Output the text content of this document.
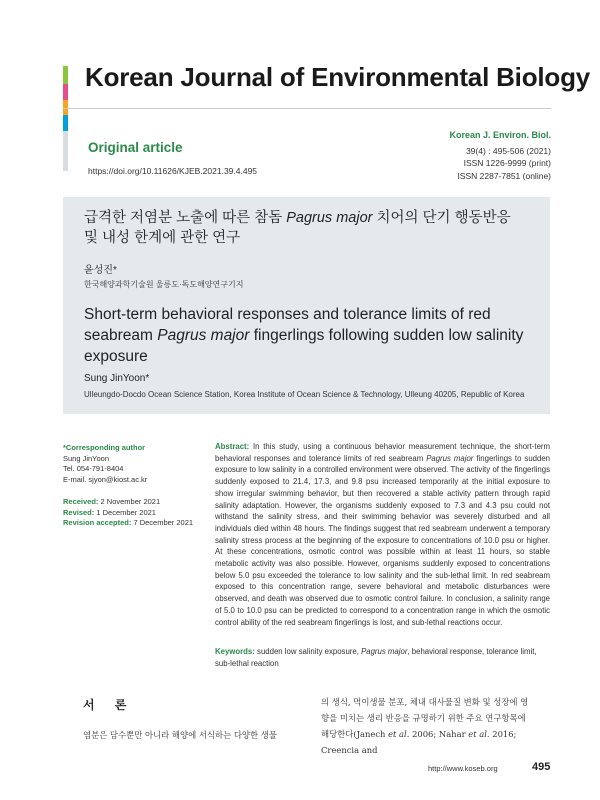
Korean Journal of Environmental Biology
Original article
https://doi.org/10.11626/KJEB.2021.39.4.495
Korean J. Environ. Biol.
39(4) : 495-506 (2021)
ISSN 1226-9999 (print)
ISSN 2287-7851 (online)
급격한 저염분 노출에 따른 참돔 Pagrus major 치어의 단기 행동반응 및 내성 한계에 관한 연구
윤성진*
한국해양과학기술원 울릉도·독도해양연구기지
Short-term behavioral responses and tolerance limits of red seabream Pagrus major fingerlings following sudden low salinity exposure
Sung JinYoon*
Ulleungdo-Docdo Ocean Science Station, Korea Institute of Ocean Science & Technology, Ulleung 40205, Republic of Korea
*Corresponding author
Sung JinYoon
Tel. 054-791-8404
E-mail. sjyon@kiost.ac.kr
Received: 2 November 2021
Revised: 1 December 2021
Revision accepted: 7 December 2021
Abstract: In this study, using a continuous behavior measurement technique, the short-term behavioral responses and tolerance limits of red seabream Pagrus major fingerlings to sudden exposure to low salinity in a controlled environment were observed. The activity of the fingerlings suddenly exposed to 21.4, 17.3, and 9.8 psu increased temporarily at the initial exposure to show irregular swimming behavior, but then recovered a stable activity pattern through rapid salinity adaptation. However, the organisms suddenly exposed to 7.3 and 4.3 psu could not withstand the salinity stress, and their swimming behavior was severely disturbed and all individuals died within 48 hours. The findings suggest that red seabream underwent a temporary salinity stress process at the beginning of the exposure to concentrations of 10.0 psu or higher. At these concentrations, osmotic control was possible within at least 11 hours, so stable metabolic activity was also possible. However, organisms suddenly exposed to concentrations below 5.0 psu exceeded the tolerance to low salinity and the sub-lethal limit. In red seabream exposed to this concentration range, severe behavioral and metabolic disturbances were observed, and death was observed due to osmotic control failure. In conclusion, a salinity range of 5.0 to 10.0 psu can be predicted to correspond to a concentration range in which the osmotic control ability of the red seabream fingerlings is lost, and sub-lethal reactions occur.
Keywords: sudden low salinity exposure, Pagrus major, behavioral response, tolerance limit, sub-lethal reaction
서 론
염분은 담수뿐만 아니라 해양에 서식하는 다양한 생물
의 생식, 먹이생물 분포, 체내 대사물질 변화 및 성장에 영
향을 미치는 생리 반응을 규명하기 위한 주요 연구항목에
해당한다(Janech et al. 2006; Nahar et al. 2016; Creencia and
http://www.koseb.org	495
